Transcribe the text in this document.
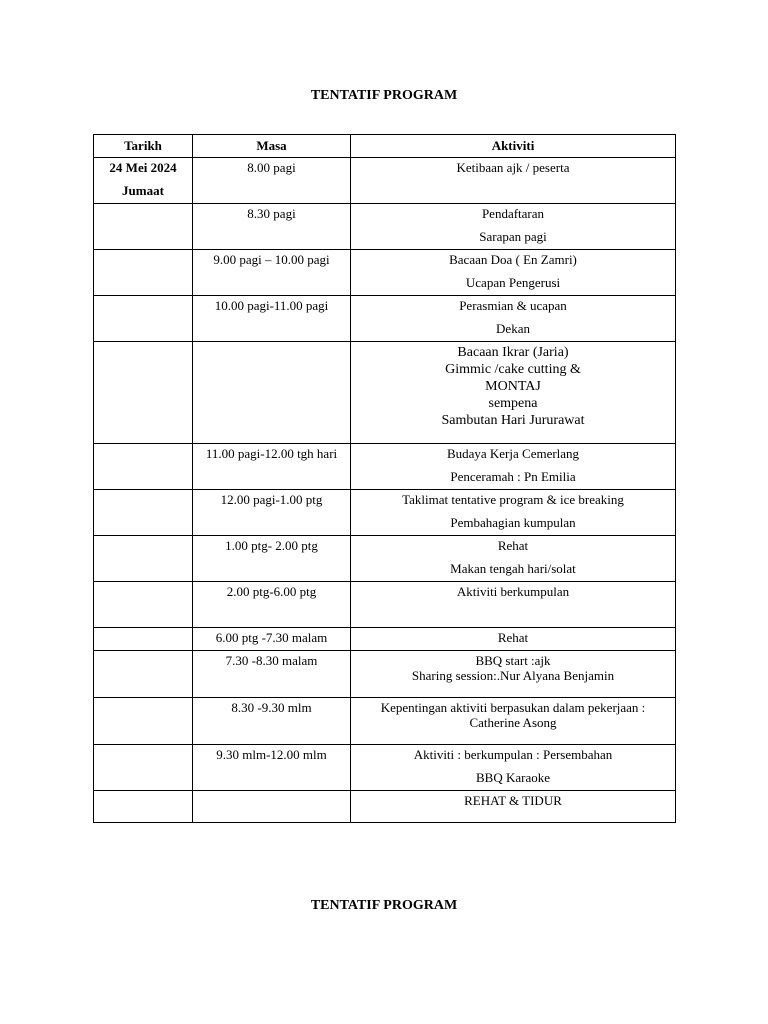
TENTATIF PROGRAM
Tarikh	Masa	Aktiviti

24 Mei 2024
Jumaat	8.00 pagi	Ketibaan ajk / peserta

	8.30 pagi	Pendaftaran
Sarapan pagi

	9.00 pagi – 10.00 pagi	Bacaan Doa ( En Zamri)
Ucapan Pengerusi

	10.00 pagi-11.00 pagi	Perasmian & ucapan
Dekan

		Bacaan Ikrar (Jaria)
Gimmic /cake cutting &
MONTAJ
sempena
Sambutan Hari Jururawat

	11.00 pagi-12.00 tgh hari	Budaya Kerja Cemerlang
Penceramah : Pn Emilia

	12.00 pagi-1.00 ptg	Taklimat tentative program & ice breaking
Pembahagian kumpulan

	1.00 ptg- 2.00 ptg	Rehat
Makan tengah hari/solat

	2.00 ptg-6.00 ptg	Aktiviti berkumpulan

	6.00 ptg -7.30 malam	Rehat

	7.30 -8.30 malam	BBQ start :ajk
Sharing session:.Nur Alyana Benjamin

	8.30 -9.30 mlm	Kepentingan aktiviti berpasukan dalam pekerjaan :
Catherine Asong

	9.30 mlm-12.00 mlm	Aktiviti : berkumpulan : Persembahan
BBQ Karaoke

		REHAT & TIDUR
TENTATIF PROGRAM
